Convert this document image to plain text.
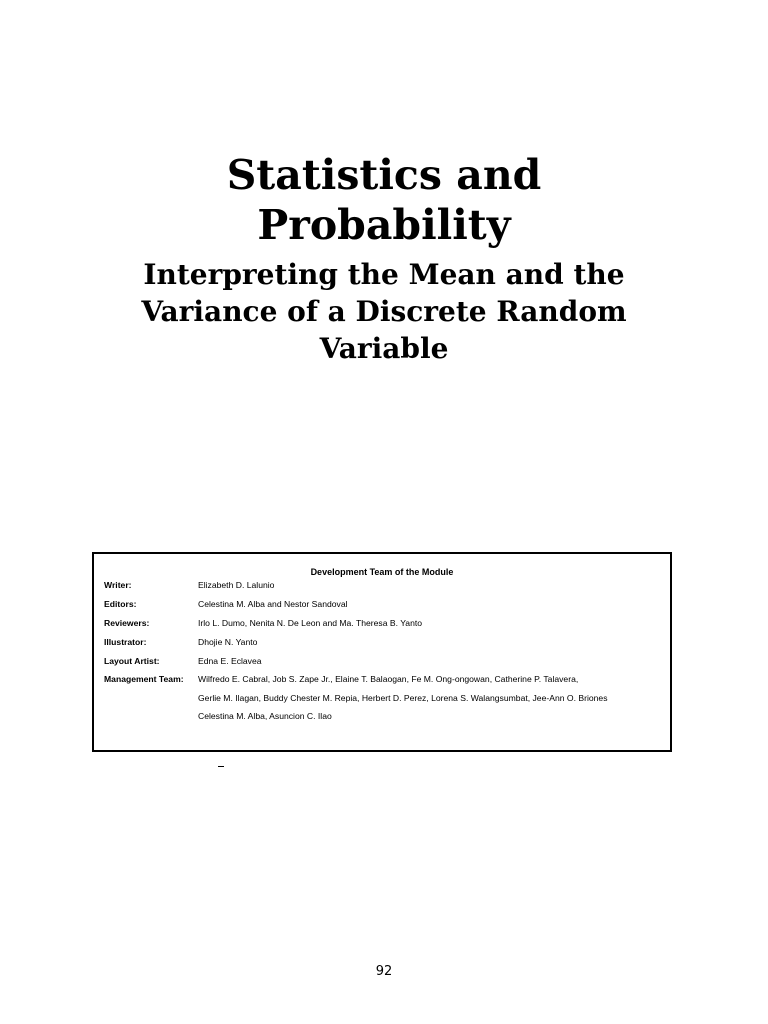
Statistics and
Probability
Interpreting the Mean and the
Variance of a Discrete Random
Variable
Development Team of the Module
Writer:	Elizabeth D. Lalunio
Editors:	Celestina M. Alba and Nestor Sandoval
Reviewers:	Irlo L. Dumo, Nenita N. De Leon and Ma. Theresa B. Yanto
Illustrator:	Dhojie N. Yanto
Layout Artist:	Edna E. Eclavea
Management Team:	Wilfredo E. Cabral, Job S. Zape Jr., Elaine T. Balaogan, Fe M. Ong-ongowan, Catherine P. Talavera,
Gerlie M. Ilagan, Buddy Chester M. Repia, Herbert D. Perez, Lorena S. Walangsumbat, Jee-Ann O. Briones
Celestina M. Alba, Asuncion C. Ilao
92
